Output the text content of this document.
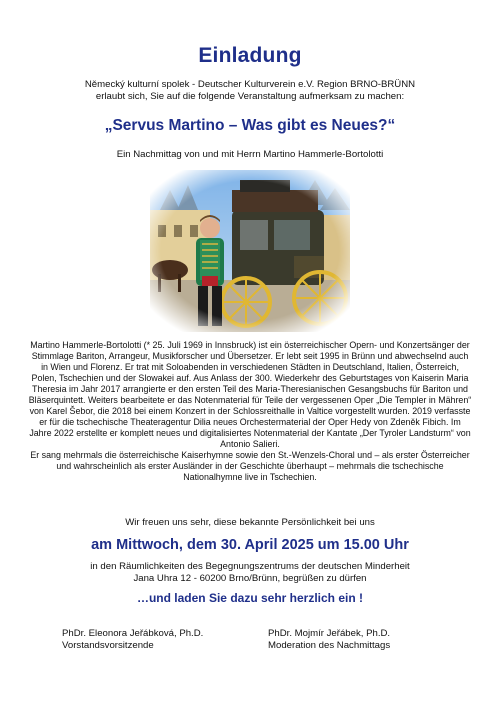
Einladung
Německý kulturní spolek - Deutscher Kulturverein e.V. Region BRNO-BRÜNN
erlaubt sich, Sie auf die folgende Veranstaltung aufmerksam zu machen:
„Servus Martino – Was gibt es Neues?“
Ein Nachmittag von und mit Herrn Martino Hammerle-Bortolotti

Martino Hammerle-Bortolotti (* 25. Juli 1969 in Innsbruck) ist ein österreichischer Opern- und Konzertsänger der Stimmlage Bariton, Arrangeur, Musikforscher und Übersetzer. Er lebt seit 1995 in Brünn und abwechselnd auch in Wien und Florenz. Er trat mit Soloabenden in verschiedenen Städten in Deutschland, Italien, Österreich, Polen, Tschechien und der Slowakei auf. Aus Anlass der 300. Wiederkehr des Geburtstages von Kaiserin Maria Theresia im Jahr 2017 arrangierte er den ersten Teil des Maria-Theresianischen Gesangsbuchs für Bariton und Bläserquintett. Weiters bearbeitete er das Notenmaterial für Teile der vergessenen Oper „Die Templer in Mähren“ von Karel Šebor, die 2018 bei einem Konzert in der Schlossreithalle in Valtice vorgestellt wurden. 2019 verfasste er für die tschechische Theateragentur Dilia neues Orchestermaterial der Oper Hedy von Zdeněk Fibich. Im Jahre 2022 erstellte er komplett neues und digitalisiertes Notenmaterial der Kantate „Der Tyroler Landsturm“ von Antonio Salieri.

Er sang mehrmals die österreichische Kaiserhymne sowie den St.-Wenzels-Choral und – als erster Österreicher und wahrscheinlich als erster Ausländer in der Geschichte überhaupt – mehrmals die tschechische Nationalhymne live in Tschechien.

Wir freuen uns sehr, diese bekannte Persönlichkeit bei uns
am Mittwoch, dem 30. April 2025 um 15.00 Uhr
in den Räumlichkeiten des Begegnungszentrums der deutschen Minderheit
Jana Uhra 12 - 60200 Brno/Brünn, begrüßen zu dürfen
…und laden Sie dazu sehr herzlich ein !
PhDr. Eleonora Jeřábková, Ph.D.
Vorstandsvorsitzende
PhDr. Mojmír Jeřábek, Ph.D.
Moderation des Nachmittags
